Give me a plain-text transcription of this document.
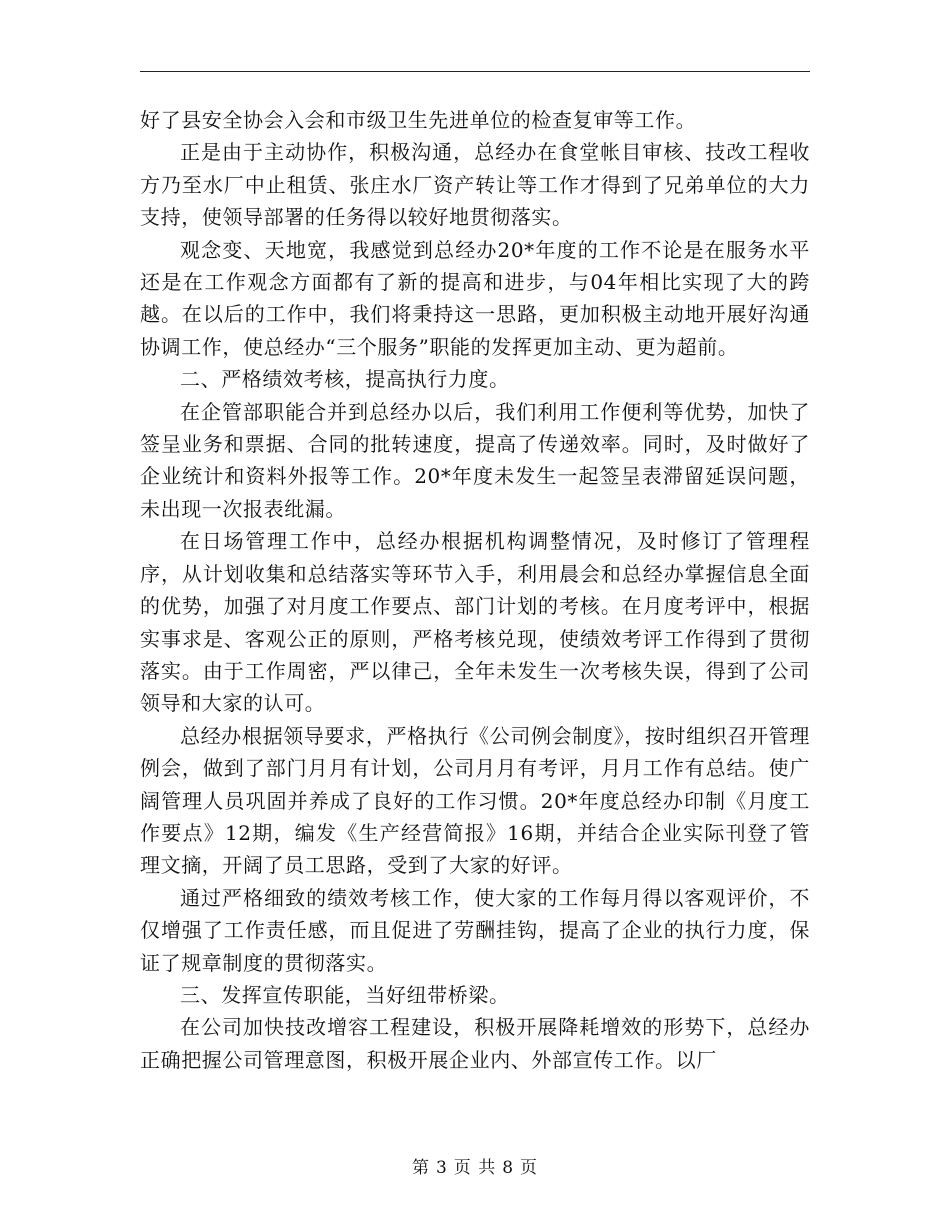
好了县安全协会入会和市级卫生先进单位的检查复审等工作。

正是由于主动协作，积极沟通，总经办在食堂帐目审核、技改工程收方乃至水厂中止租赁、张庄水厂资产转让等工作才得到了兄弟单位的大力支持，使领导部署的任务得以较好地贯彻落实。

观念变、天地宽，我感觉到总经办20*年度的工作不论是在服务水平还是在工作观念方面都有了新的提高和进步，与04年相比实现了大的跨越。在以后的工作中，我们将秉持这一思路，更加积极主动地开展好沟通协调工作，使总经办“三个服务”职能的发挥更加主动、更为超前。

二、严格绩效考核，提高执行力度。

在企管部职能合并到总经办以后，我们利用工作便利等优势，加快了签呈业务和票据、合同的批转速度，提高了传递效率。同时，及时做好了企业统计和资料外报等工作。20*年度未发生一起签呈表滞留延误问题，未出现一次报表纰漏。

在日场管理工作中，总经办根据机构调整情况，及时修订了管理程序，从计划收集和总结落实等环节入手，利用晨会和总经办掌握信息全面的优势，加强了对月度工作要点、部门计划的考核。在月度考评中，根据实事求是、客观公正的原则，严格考核兑现，使绩效考评工作得到了贯彻落实。由于工作周密，严以律己，全年未发生一次考核失误，得到了公司领导和大家的认可。

总经办根据领导要求，严格执行《公司例会制度》，按时组织召开管理例会，做到了部门月月有计划，公司月月有考评，月月工作有总结。使广阔管理人员巩固并养成了良好的工作习惯。20*年度总经办印制《月度工作要点》12期，编发《生产经营简报》16期，并结合企业实际刊登了管理文摘，开阔了员工思路，受到了大家的好评。

通过严格细致的绩效考核工作，使大家的工作每月得以客观评价，不仅增强了工作责任感，而且促进了劳酬挂钩，提高了企业的执行力度，保证了规章制度的贯彻落实。

三、发挥宣传职能，当好纽带桥梁。

在公司加快技改增容工程建设，积极开展降耗增效的形势下，总经办正确把握公司管理意图，积极开展企业内、外部宣传工作。以厂

第 3 页 共 8 页
